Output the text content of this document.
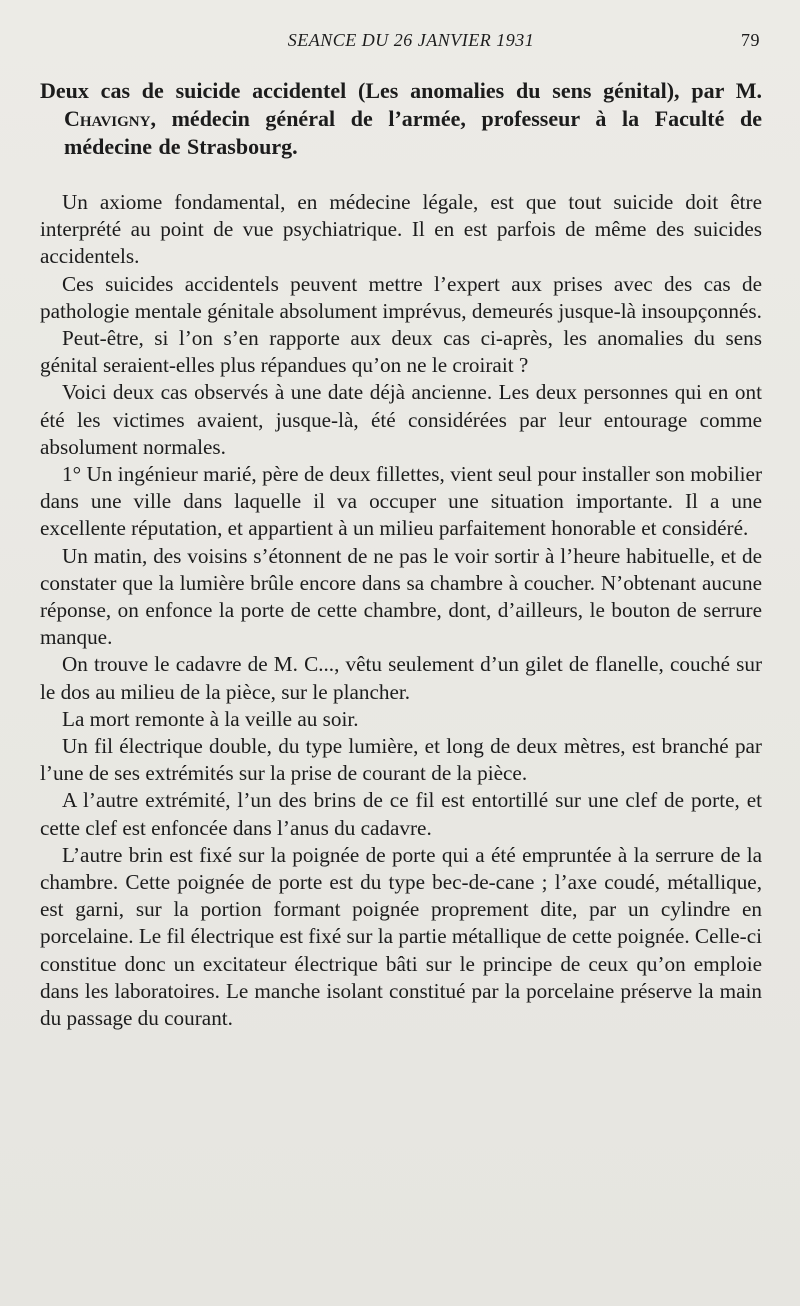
SEANCE DU 26 JANVIER 1931	79
Deux cas de suicide accidentel (Les anomalies du sens génital), par M. Chavigny, médecin général de l’armée, professeur à la Faculté de médecine de Strasbourg.

Un axiome fondamental, en médecine légale, est que tout suicide doit être interprété au point de vue psychiatrique. Il en est parfois de même des suicides accidentels.

Ces suicides accidentels peuvent mettre l’expert aux prises avec des cas de pathologie mentale génitale absolument imprévus, demeurés jusque-là insoupçonnés.

Peut-être, si l’on s’en rapporte aux deux cas ci-après, les anomalies du sens génital seraient-elles plus répandues qu’on ne le croirait ?

Voici deux cas observés à une date déjà ancienne. Les deux personnes qui en ont été les victimes avaient, jusque-là, été considérées par leur entourage comme absolument normales.

1° Un ingénieur marié, père de deux fillettes, vient seul pour installer son mobilier dans une ville dans laquelle il va occuper une situation importante. Il a une excellente réputation, et appartient à un milieu parfaitement honorable et considéré.

Un matin, des voisins s’étonnent de ne pas le voir sortir à l’heure habituelle, et de constater que la lumière brûle encore dans sa chambre à coucher. N’obtenant aucune réponse, on enfonce la porte de cette chambre, dont, d’ailleurs, le bouton de serrure manque.

On trouve le cadavre de M. C..., vêtu seulement d’un gilet de flanelle, couché sur le dos au milieu de la pièce, sur le plancher.

La mort remonte à la veille au soir.

Un fil électrique double, du type lumière, et long de deux mètres, est branché par l’une de ses extrémités sur la prise de courant de la pièce.

A l’autre extrémité, l’un des brins de ce fil est entortillé sur une clef de porte, et cette clef est enfoncée dans l’anus du cadavre.

L’autre brin est fixé sur la poignée de porte qui a été empruntée à la serrure de la chambre. Cette poignée de porte est du type bec-de-cane ; l’axe coudé, métallique, est garni, sur la portion formant poignée proprement dite, par un cylindre en porcelaine. Le fil électrique est fixé sur la partie métallique de cette poignée. Celle-ci constitue donc un excitateur électrique bâti sur le principe de ceux qu’on emploie dans les laboratoires. Le manche isolant constitué par la porcelaine préserve la main du passage du courant.
